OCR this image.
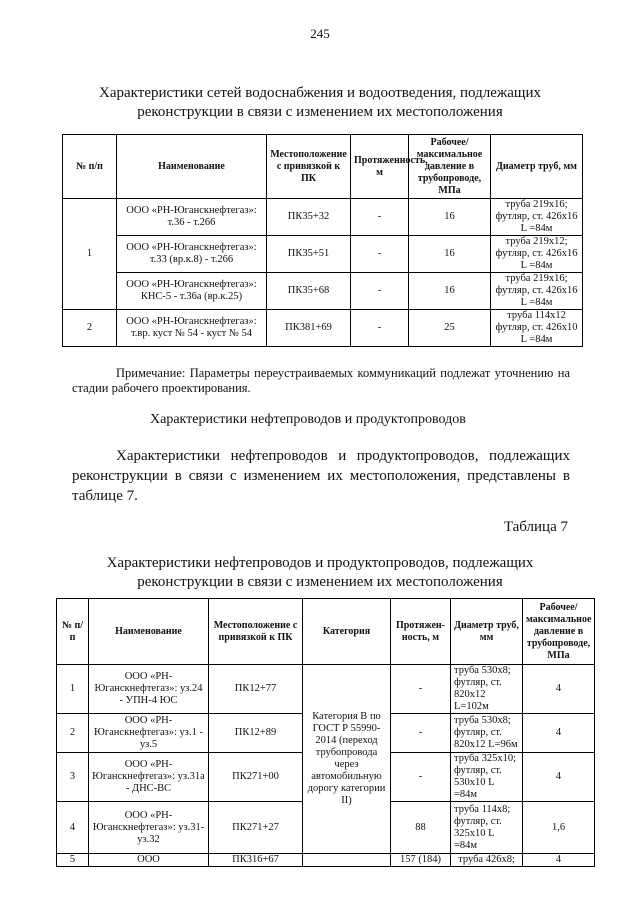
245
Характеристики сетей водоснабжения и водоотведения, подлежащих реконструкции в связи с изменением их местоположения
№ п/п	Наименование	Местоположение с привязкой к ПК	Протяженность, м	Рабочее/ максимальное давление в трубопроводе, МПа	Диаметр труб, мм
1	ООО «РН-Юганскнефтегаз»: т.36 - т.266	ПК35+32	-	16	труба 219х16; футляр, ст. 426х16 L =84м
	ООО «РН-Юганскнефтегаз»: т.33 (вр.к.8) - т.266	ПК35+51	-	16	труба 219х12; футляр, ст. 426х16 L =84м
	ООО «РН-Юганскнефтегаз»: КНС-5 - т.36а (вр.к.25)	ПК35+68	-	16	труба 219х16; футляр, ст. 426х16 L =84м
2	ООО «РН-Юганскнефтегаз»: т.вр. куст № 54 - куст № 54	ПК381+69	-	25	труба 114х12 футляр, ст. 426х10 L =84м
Примечание: Параметры переустраиваемых коммуникаций подлежат уточнению на стадии рабочего проектирования.
Характеристики нефтепроводов и продуктопроводов
Характеристики нефтепроводов и продуктопроводов, подлежащих реконструкции в связи с изменением их местоположения, представлены в таблице 7.
Таблица 7
Характеристики нефтепроводов и продуктопроводов, подлежащих реконструкции в связи с изменением их местоположения
№ п/п	Наименование	Местоположение с привязкой к ПК	Категория	Протяжен-ность, м	Диаметр труб, мм	Рабочее/ максимальное давление в трубопроводе, МПа
1	ООО «РН-Юганскнефтегаз»: уз.24 - УПН-4 ЮС	ПК12+77	Категория В по ГОСТ Р 55990-2014 (переход трубопровода через автомобильную дорогу категории II)	-	труба 530х8; футляр, ст. 820х12 L=102м	4
2	ООО «РН-Юганскнефтегаз»: уз.1 - уз.5	ПК12+89		-	труба 530х8; футляр, ст. 820х12 L=96м	4
3	ООО «РН-Юганскнефтегаз»: уз.31а - ДНС-ВС	ПК271+00		-	труба 325х10; футляр, ст. 530х10 L =84м	4
4	ООО «РН-Юганскнефтегаз»: уз.31-уз.32	ПК271+27		88	труба 114х8; футляр, ст. 325х10 L =84м	1,6
5	ООО	ПК316+67		157 (184)	труба 426х8;	4
